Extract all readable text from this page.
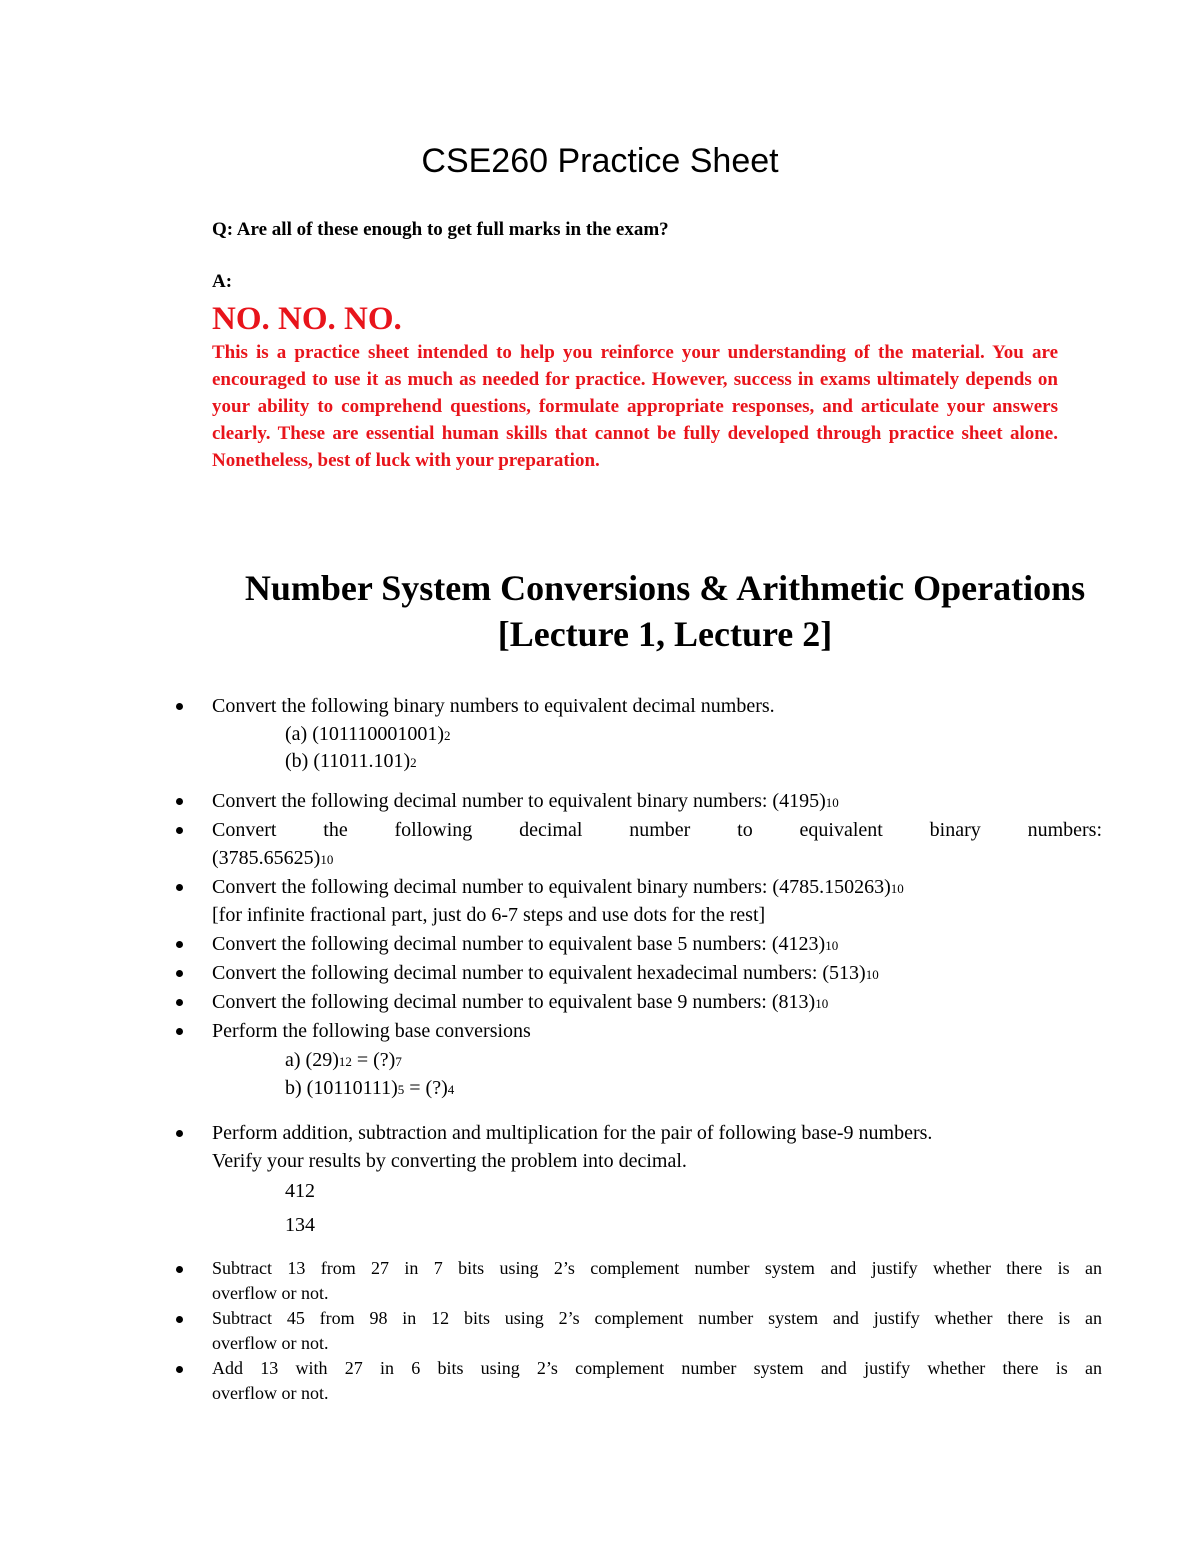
CSE260 Practice Sheet
Q: Are all of these enough to get full marks in the exam?
A:
NO. NO. NO.
This is a practice sheet intended to help you reinforce your understanding of the material. You are encouraged to use it as much as needed for practice. However, success in exams ultimately depends on your ability to comprehend questions, formulate appropriate responses, and articulate your answers clearly. These are essential human skills that cannot be fully developed through practice sheet alone. Nonetheless, best of luck with your preparation.
Number System Conversions & Arithmetic Operations
[Lecture 1, Lecture 2]
Convert the following binary numbers to equivalent decimal numbers.
(a) (101110001001)2
(b) (11011.101)2
Convert the following decimal number to equivalent binary numbers: (4195)10
Convert the following decimal number to equivalent binary numbers:
(3785.65625)10
Convert the following decimal number to equivalent binary numbers: (4785.150263)10
[for infinite fractional part, just do 6-7 steps and use dots for the rest]
Convert the following decimal number to equivalent base 5 numbers: (4123)10
Convert the following decimal number to equivalent hexadecimal numbers: (513)10
Convert the following decimal number to equivalent base 9 numbers: (813)10
Perform the following base conversions
a) (29)12 = (?)7
b) (10110111)5 = (?)4
Perform addition, subtraction and multiplication for the pair of following base-9 numbers.
Verify your results by converting the problem into decimal.
412
134
Subtract 13 from 27 in 7 bits using 2’s complement number system and justify whether there is an
overflow or not.
Subtract 45 from 98 in 12 bits using 2’s complement number system and justify whether there is an
overflow or not.
Add 13 with 27 in 6 bits using 2’s complement number system and justify whether there is an
overflow or not.
